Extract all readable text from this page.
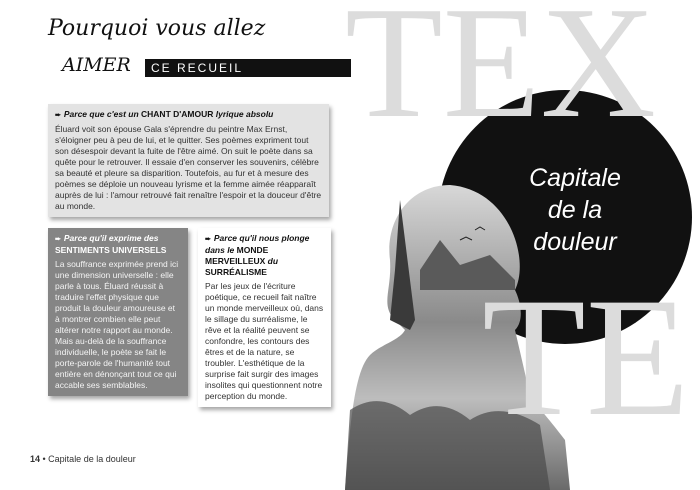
TEX
TE
Pourquoi vous allez
AIMER	CE RECUEIL
➨ Parce que c'est un CHANT D'AMOUR lyrique absolu
Éluard voit son épouse Gala s'éprendre du peintre Max Ernst, s'éloigner peu à peu de lui, et le quitter. Ses poèmes expriment tout son désespoir devant la fuite de l'être aimé. On suit le poète dans sa quête pour le retrouver. Il essaie d'en conserver les souvenirs, célèbre sa beauté et pleure sa disparition. Toutefois, au fur et à mesure des poèmes se déploie un nouveau lyrisme et la femme aimée réapparaît auprès de lui : l'amour retrouvé fait renaître l'espoir et la douceur d'être au monde.
➨ Parce qu'il exprime des
SENTIMENTS UNIVERSELS
La souffrance exprimée prend ici une dimension universelle : elle parle à tous. Éluard réussit à traduire l'effet physique que produit la douleur amoureuse et à montrer combien elle peut altérer notre rapport au monde. Mais au-delà de la souffrance individuelle, le poète se fait le porte-parole de l'humanité tout entière en dénonçant tout ce qui accable ses semblables.
➨ Parce qu'il nous plonge dans le MONDE MERVEILLEUX du SURRÉALISME
Par les jeux de l'écriture poétique, ce recueil fait naître un monde merveilleux où, dans le sillage du surréalisme, le rêve et la réalité peuvent se confondre, les contours des êtres et de la nature, se troubler. L'esthétique de la surprise fait surgir des images insolites qui questionnent notre perception du monde.
Capitale
de la
douleur
14 • Capitale de la douleur
